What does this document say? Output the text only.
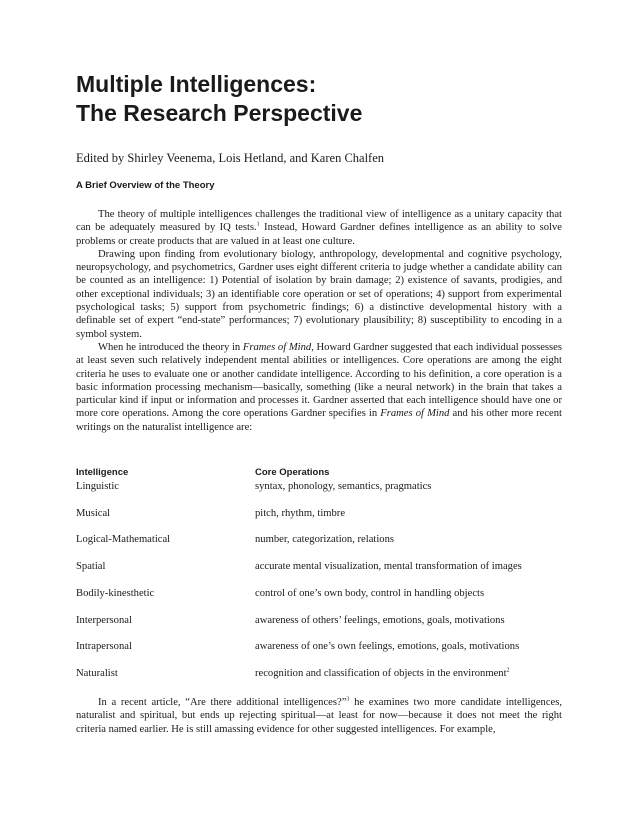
Multiple Intelligences:
The Research Perspective

Edited by Shirley Veenema, Lois Hetland, and Karen Chalfen

A Brief Overview of the Theory

The theory of multiple intelligences challenges the traditional view of intelligence as a unitary capacity that can be adequately measured by IQ tests.$^1$ Instead, Howard Gardner defines intelligence as an ability to solve problems or create products that are valued in at least one culture.

Drawing upon finding from evolutionary biology, anthropology, developmental and cognitive psychology, neuropsychology, and psychometrics, Gardner uses eight different criteria to judge whether a candidate ability can be counted as an intelligence: 1) Potential of isolation by brain damage; 2) existence of savants, prodigies, and other exceptional individuals; 3) an identifiable core operation or set of operations; 4) support from experimental psychological tasks; 5) support from psychometric findings; 6) a distinctive developmental history with a definable set of expert “end-state” performances; 7) evolutionary plausibility; 8) susceptibility to encoding in a symbol system.

When he introduced the theory in Frames of Mind, Howard Gardner suggested that each individual possesses at least seven such relatively independent mental abilities or intelligences. Core operations are among the eight criteria he uses to evaluate one or another candidate intelligence. According to his definition, a core operation is a basic information processing mechanism—basically, something (like a neural network) in the brain that takes a particular kind if input or information and processes it. Gardner asserted that each intelligence should have one or more core operations. Among the core operations Gardner specifies in Frames of Mind and his other more recent writings on the naturalist intelligence are:

Intelligence	Core Operations
Linguistic	syntax, phonology, semantics, pragmatics
Musical	pitch, rhythm, timbre
Logical-Mathematical	number, categorization, relations
Spatial	accurate mental visualization, mental transformation of images
Bodily-kinesthetic	control of one’s own body, control in handling objects
Interpersonal	awareness of others’ feelings, emotions, goals, motivations
Intrapersonal	awareness of one’s own feelings, emotions, goals, motivations
Naturalist	recognition and classification of objects in the environment$^2$

In a recent article, “Are there additional intelligences?”$^3$ he examines two more candidate intelligences, naturalist and spiritual, but ends up rejecting spiritual—at least for now—because it does not meet the right criteria named earlier. He is still amassing evidence for other suggested intelligences. For example,
